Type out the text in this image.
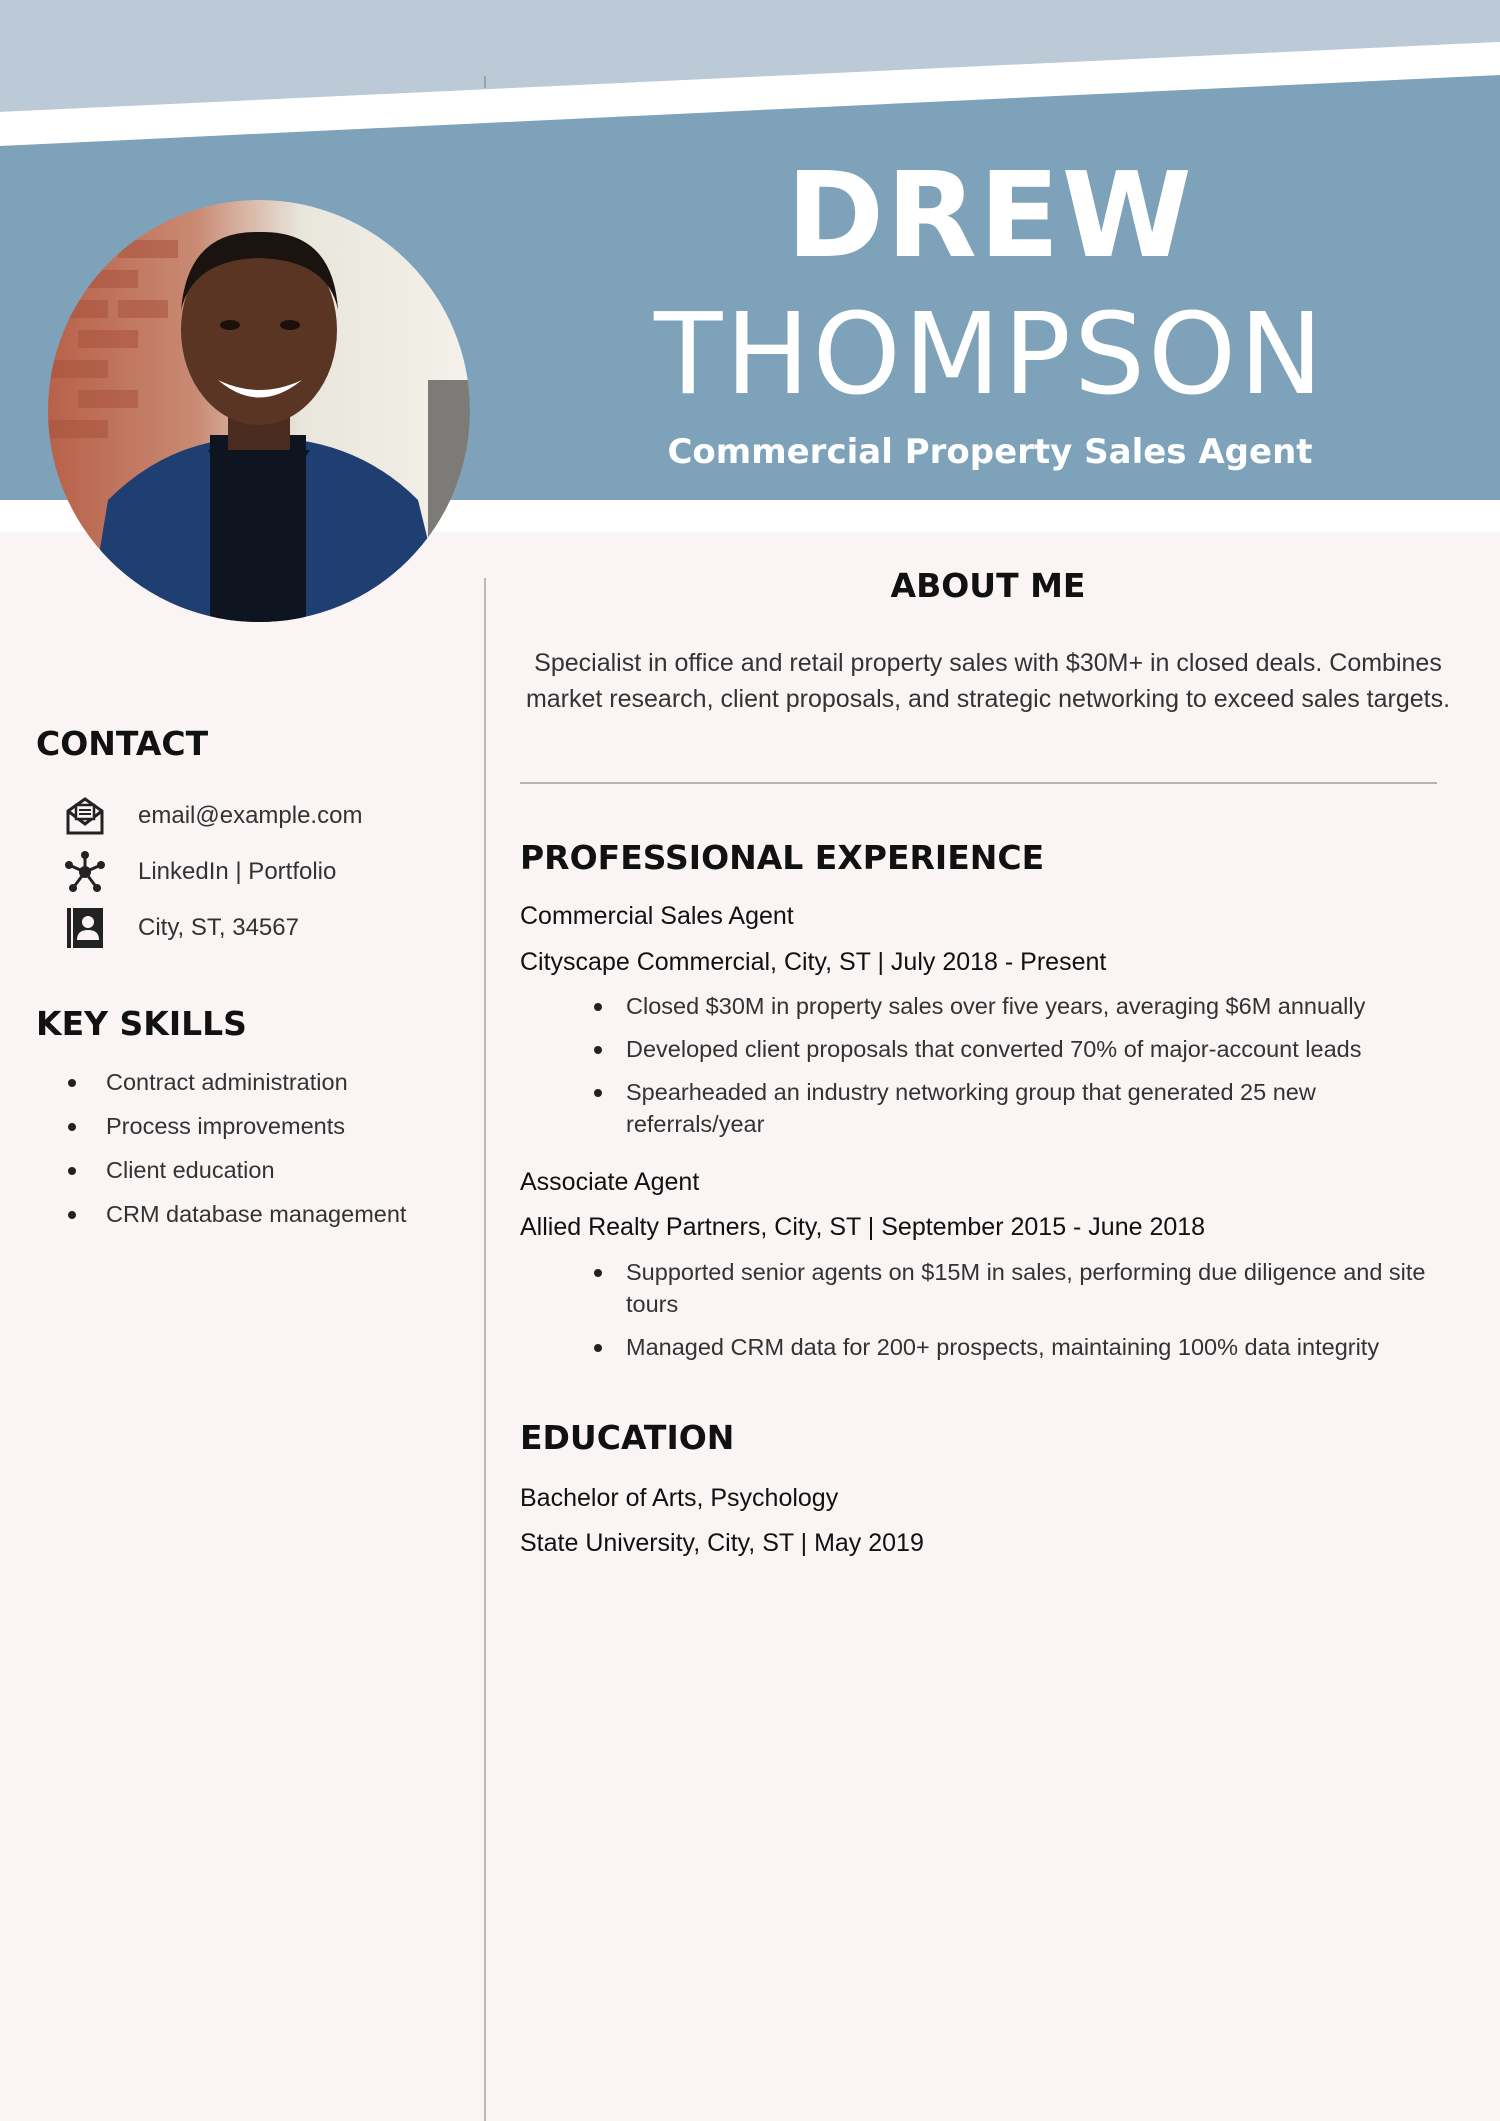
DREW
THOMPSON
Commercial Property Sales Agent
CONTACT
email@example.com
LinkedIn | Portfolio
City, ST, 34567
KEY SKILLS
Contract administration
Process improvements
Client education
CRM database management
ABOUT ME

Specialist in office and retail property sales with $30M+ in closed deals. Combines market research, client proposals, and strategic networking to exceed sales targets.

PROFESSIONAL EXPERIENCE

Commercial Sales Agent

Cityscape Commercial, City, ST | July 2018 - Present

Closed $30M in property sales over five years, averaging $6M annually
Developed client proposals that converted 70% of major-account leads
Spearheaded an industry networking group that generated 25 new referrals/year

Associate Agent

Allied Realty Partners, City, ST | September 2015 - June 2018

Supported senior agents on $15M in sales, performing due diligence and site tours
Managed CRM data for 200+ prospects, maintaining 100% data integrity
EDUCATION

Bachelor of Arts, Psychology

State University, City, ST | May 2019
